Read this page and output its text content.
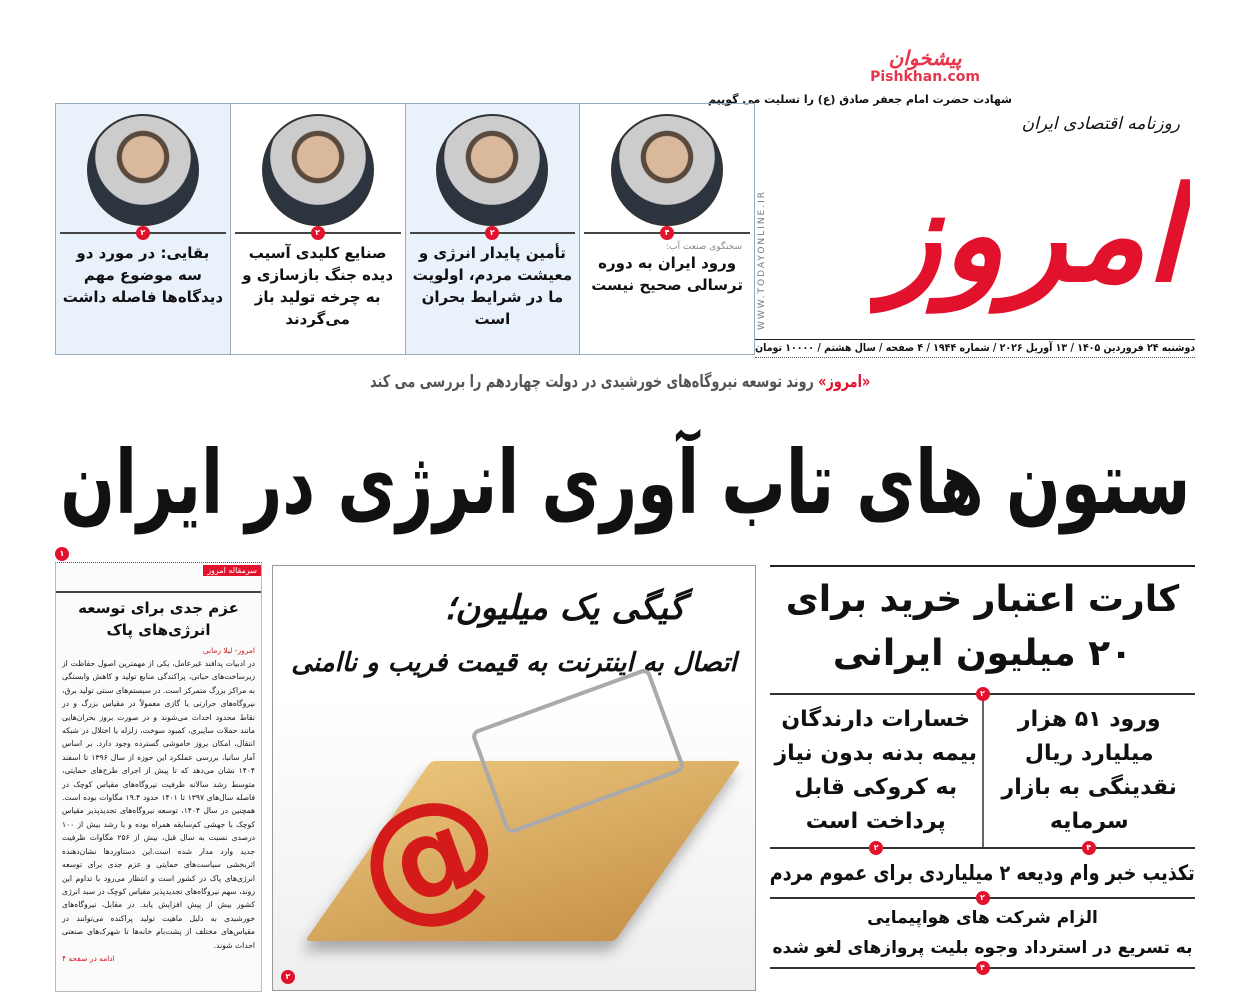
امروز
روزنامه اقتصادی ایران
شهادت حضرت امام جعفر صادق (ع) را تسلیت می گوییم
پیشخوان
Pishkhan.com
WWW.TODAYONLINE.IR
دوشنبه ۲۴ فروردین ۱۴۰۵ / ۱۳ آوریل ۲۰۲۶ / شماره ۱۹۴۴ / ۴ صفحه / سال هشتم / ۱۰۰۰۰ تومان
۴
سخنگوی صنعت آب:
ورود ایران به دوره ترسالی صحیح نیست
۲
تأمین پایدار انرژی و معیشت مردم، اولویت ما در شرایط بحران است
۲
صنایع کلیدی آسیب دیده جنگ بازسازی و به چرخه تولید باز می‌گردند
۲
بقایی: در مورد دو سه موضوع مهم دیدگاه‌ها فاصله داشت
«امروز» روند توسعه نیروگاه‌های خورشیدی در دولت چهاردهم را بررسی می کند
ستون های تاب آوری انرژی در ایران
۱
سرمقاله امروز
عزم جدی برای توسعه انرژی‌های پاک
امروز- لیلا زمانی
در ادبیات پدافند غیرعامل، یکی از مهمترین اصول حفاظت از زیرساخت‌های حیاتی، پراکندگی منابع تولید و کاهش وابستگی به مراکز بزرگ متمرکز است. در سیستم‌های سنتی تولید برق، نیروگاه‌های حرارتی یا گازی معمولاً در مقیاس بزرگ و در نقاط محدود احداث می‌شوند و در صورت بروز بحران‌هایی مانند حملات سایبری، کمبود سوخت، زلزله یا اختلال در شبکه انتقال، امکان بروز خاموشی گسترده وجود دارد. بر اساس آمار ساتبا، بررسی عملکرد این حوزه از سال ۱۳۹۶ تا اسفند ۱۴۰۴ نشان می‌دهد که تا پیش از اجرای طرح‌های حمایتی، متوسط رشد سالانه ظرفیت نیروگاه‌های مقیاس کوچک در فاصله سال‌های ۱۳۹۷ تا ۱۴۰۱ حدود ۱۹.۴ مگاوات بوده است. همچنین در سال ۱۴۰۴، توسعه نیروگاه‌های تجدیدپذیر مقیاس کوچک با جهشی کم‌سابقه همراه بوده و با رشد بیش از ۱۰۰ درصدی نسبت به سال قبل، بیش از ۲۵۶ مگاوات ظرفیت جدید وارد مدار شده است.این دستاوردها نشان‌دهنده اثربخشی سیاست‌های حمایتی و عزم جدی برای توسعه انرژی‌های پاک در کشور است و انتظار می‌رود با تداوم این روند، سهم نیروگاه‌های تجدیدپذیر مقیاس کوچک در سبد انرژی کشور بیش از پیش افزایش یابد. در مقابل، نیروگاه‌های خورشیدی به دلیل ماهیت تولید پراکنده می‌توانند در مقیاس‌های مختلف از پشت‌بام خانه‌ها تا شهرک‌های صنعتی احداث شوند.
ادامه در صفحه ۴
گیگی یک میلیون؛
اتصال به اینترنت به قیمت فریب و ناامنی
@
۲
کارت اعتبار خرید برای ۲۰ میلیون ایرانی
۲
ورود ۵۱ هزار میلیارد ریال نقدینگی به بازار سرمایه
خسارات دارندگان بیمه بدنه بدون نیاز به کروکی قابل پرداخت است
۲	۴
تکذیب خبر وام ودیعه ۲ میلیاردی برای عموم مردم
۲
الزام شرکت های هواپیمایی
به تسریع در استرداد وجوه بلیت پروازهای لغو شده
۴
